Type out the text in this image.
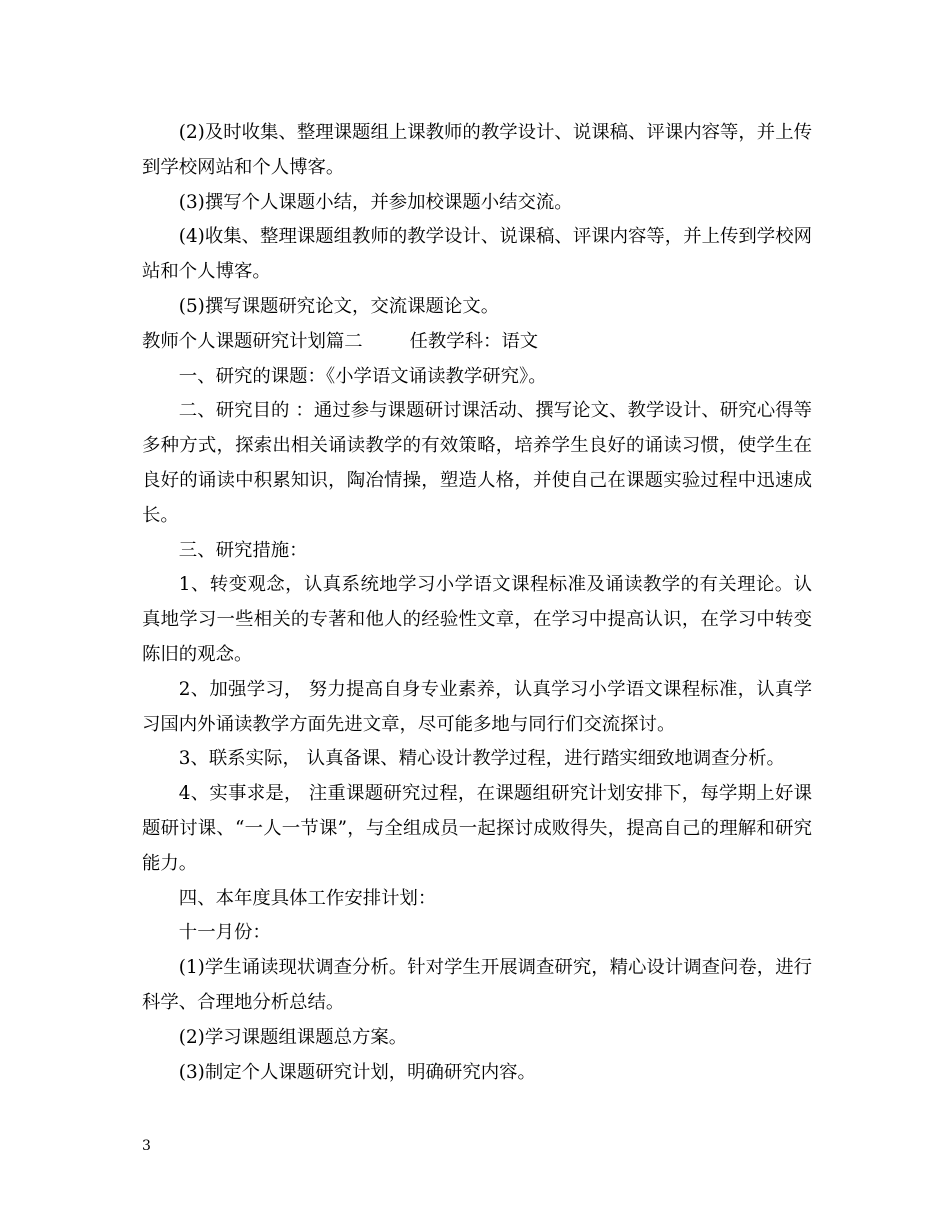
(2)及时收集、整理课题组上课教师的教学设计、说课稿、评课内容等，并上传到学校网站和个人博客。

(3)撰写个人课题小结，并参加校课题小结交流。

(4)收集、整理课题组教师的教学设计、说课稿、评课内容等，并上传到学校网站和个人博客。

(5)撰写课题研究论文，交流课题论文。

教师个人课题研究计划篇二        任教学科：语文

一、研究的课题：《小学语文诵读教学研究》。

二、研究目的 ：通过参与课题研讨课活动、撰写论文、教学设计、研究心得等多种方式，探索出相关诵读教学的有效策略，培养学生良好的诵读习惯，使学生在良好的诵读中积累知识，陶冶情操，塑造人格，并使自己在课题实验过程中迅速成长。

三、研究措施：

1、转变观念，认真系统地学习小学语文课程标准及诵读教学的有关理论。认真地学习一些相关的专著和他人的经验性文章，在学习中提高认识，在学习中转变陈旧的观念。

2、加强学习， 努力提高自身专业素养，认真学习小学语文课程标准，认真学习国内外诵读教学方面先进文章，尽可能多地与同行们交流探讨。

3、联系实际， 认真备课、精心设计教学过程，进行踏实细致地调查分析。

4、实事求是， 注重课题研究过程，在课题组研究计划安排下，每学期上好课题研讨课、“一人一节课”，与全组成员一起探讨成败得失，提高自己的理解和研究能力。

四、本年度具体工作安排计划：

十一月份：

(1)学生诵读现状调查分析。针对学生开展调查研究，精心设计调查问卷，进行科学、合理地分析总结。

(2)学习课题组课题总方案。

(3)制定个人课题研究计划，明确研究内容。

3
